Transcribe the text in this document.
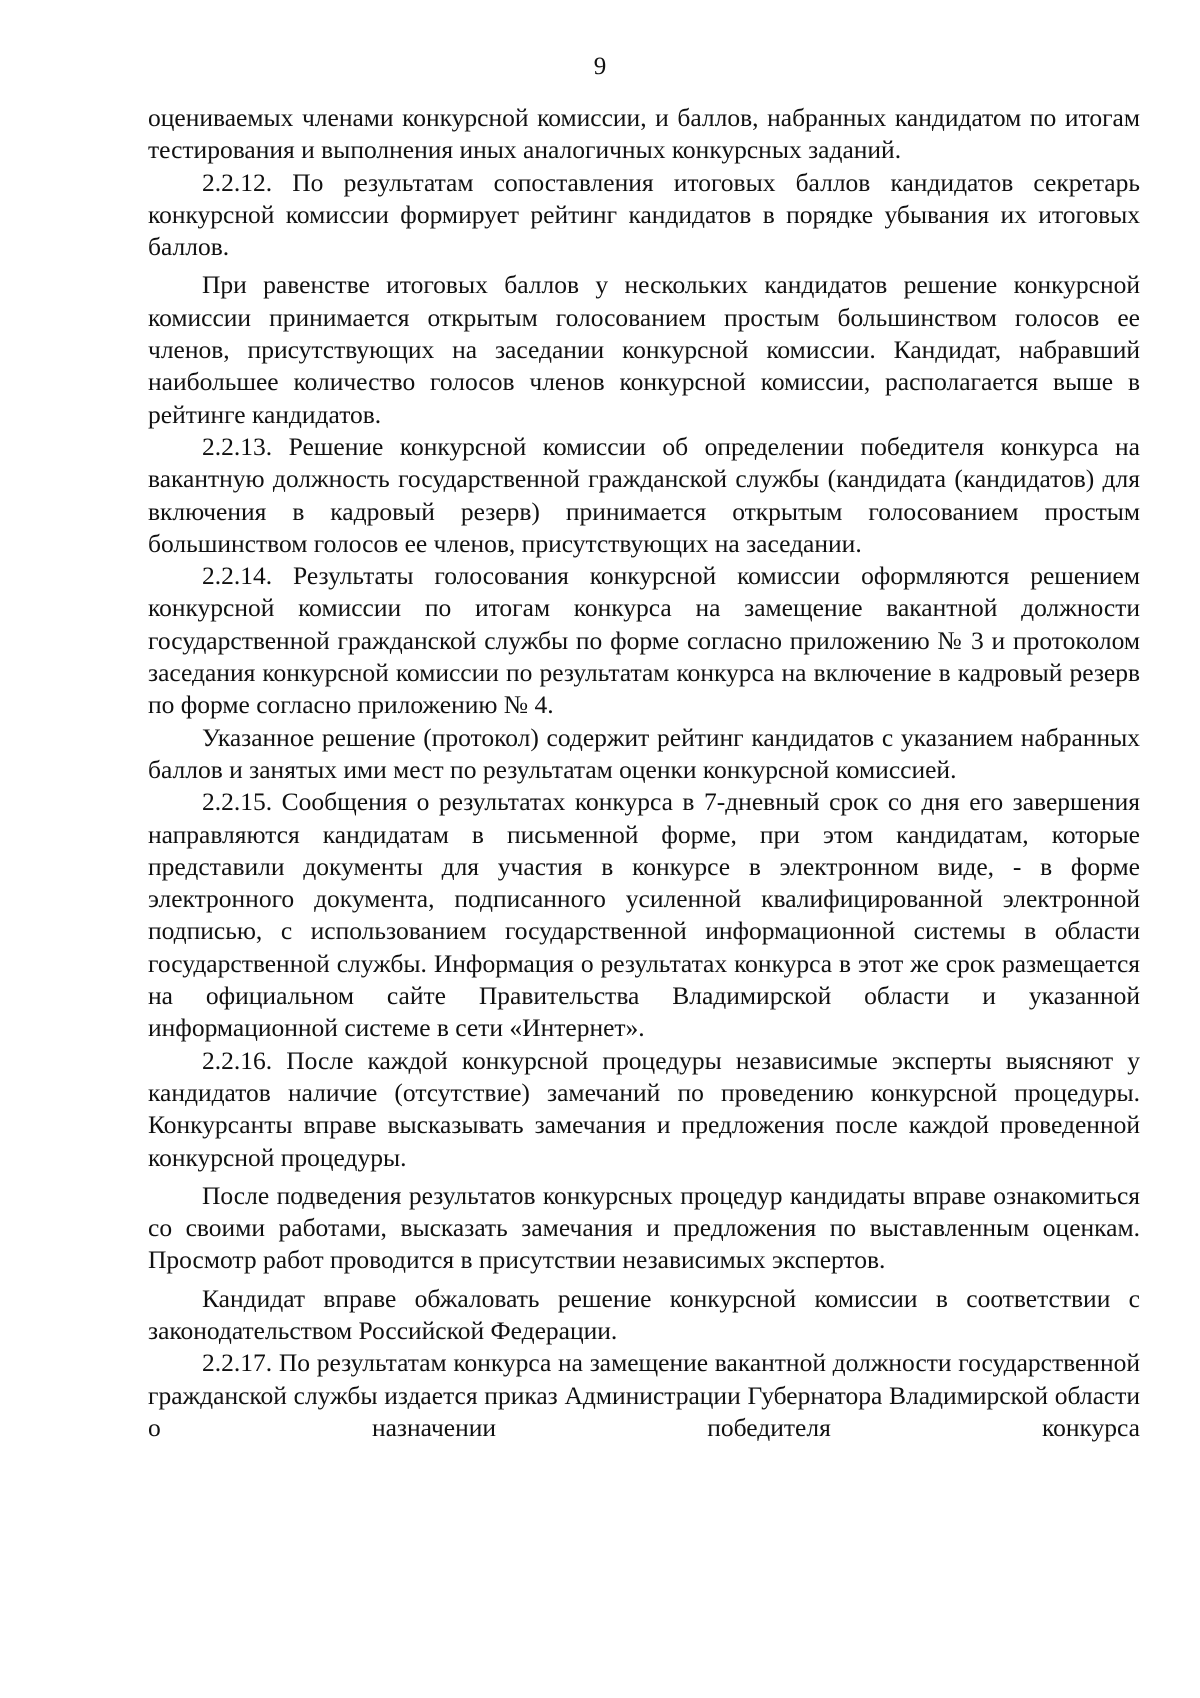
9

оцениваемых членами конкурсной комиссии, и баллов, набранных кандидатом по итогам тестирования и выполнения иных аналогичных конкурсных заданий.

2.2.12. По результатам сопоставления итоговых баллов кандидатов секретарь конкурсной комиссии формирует рейтинг кандидатов в порядке убывания их итоговых баллов.

При равенстве итоговых баллов у нескольких кандидатов решение конкурсной комиссии принимается открытым голосованием простым большинством голосов ее членов, присутствующих на заседании конкурсной комиссии. Кандидат, набравший наибольшее количество голосов членов конкурсной комиссии, располагается выше в рейтинге кандидатов.

2.2.13. Решение конкурсной комиссии об определении победителя конкурса на вакантную должность государственной гражданской службы (кандидата (кандидатов) для включения в кадровый резерв) принимается открытым голосованием простым большинством голосов ее членов, присутствующих на заседании.

2.2.14. Результаты голосования конкурсной комиссии оформляются решением конкурсной комиссии по итогам конкурса на замещение вакантной должности государственной гражданской службы по форме согласно приложению № 3 и протоколом заседания конкурсной комиссии по результатам конкурса на включение в кадровый резерв по форме согласно приложению № 4.

Указанное решение (протокол) содержит рейтинг кандидатов с указанием набранных баллов и занятых ими мест по результатам оценки конкурсной комиссией.

2.2.15. Сообщения о результатах конкурса в 7-дневный срок со дня его завершения направляются кандидатам в письменной форме, при этом кандидатам, которые представили документы для участия в конкурсе в электронном виде, - в форме электронного документа, подписанного усиленной квалифицированной электронной подписью, с использованием государственной информационной системы в области государственной службы. Информация о результатах конкурса в этот же срок размещается на официальном сайте Правительства Владимирской области и указанной информационной системе в сети «Интернет».

2.2.16. После каждой конкурсной процедуры независимые эксперты выясняют у кандидатов наличие (отсутствие) замечаний по проведению конкурсной процедуры. Конкурсанты вправе высказывать замечания и предложения после каждой проведенной конкурсной процедуры.

После подведения результатов конкурсных процедур кандидаты вправе ознакомиться со своими работами, высказать замечания и предложения по выставленным оценкам. Просмотр работ проводится в присутствии независимых экспертов.

Кандидат вправе обжаловать решение конкурсной комиссии в соответствии с законодательством Российской Федерации.

2.2.17. По результатам конкурса на замещение вакантной должности государственной гражданской службы издается приказ Администрации Губернатора Владимирской области о назначении победителя конкурса
